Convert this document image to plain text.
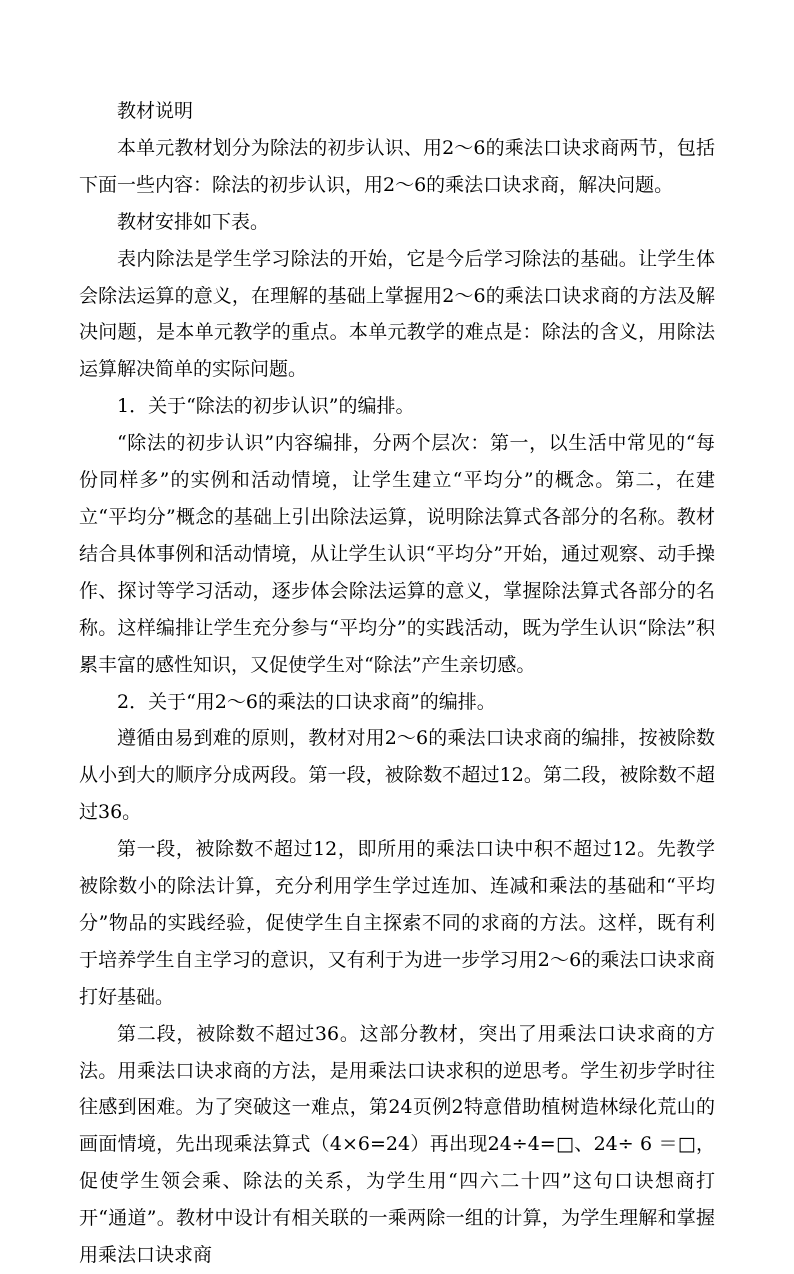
教材说明

本单元教材划分为除法的初步认识、用2～6的乘法口诀求商两节，包括下面一些内容：除法的初步认识，用2～6的乘法口诀求商，解决问题。

教材安排如下表。

表内除法是学生学习除法的开始，它是今后学习除法的基础。让学生体会除法运算的意义，在理解的基础上掌握用2～6的乘法口诀求商的方法及解决问题，是本单元教学的重点。本单元教学的难点是：除法的含义，用除法运算解决简单的实际问题。

1．关于“除法的初步认识”的编排。

“除法的初步认识”内容编排，分两个层次：第一，以生活中常见的“每份同样多”的实例和活动情境，让学生建立“平均分”的概念。第二，在建立“平均分”概念的基础上引出除法运算，说明除法算式各部分的名称。教材结合具体事例和活动情境，从让学生认识“平均分”开始，通过观察、动手操作、探讨等学习活动，逐步体会除法运算的意义，掌握除法算式各部分的名称。这样编排让学生充分参与“平均分”的实践活动，既为学生认识“除法”积累丰富的感性知识，又促使学生对“除法”产生亲切感。

2．关于“用2～6的乘法的口诀求商”的编排。

遵循由易到难的原则，教材对用2～6的乘法口诀求商的编排，按被除数从小到大的顺序分成两段。第一段，被除数不超过12。第二段，被除数不超过36。

第一段，被除数不超过12，即所用的乘法口诀中积不超过12。先教学被除数小的除法计算，充分利用学生学过连加、连减和乘法的基础和“平均分”物品的实践经验，促使学生自主探索不同的求商的方法。这样，既有利于培养学生自主学习的意识，又有利于为进一步学习用2～6的乘法口诀求商打好基础。

第二段，被除数不超过36。这部分教材，突出了用乘法口诀求商的方法。用乘法口诀求商的方法，是用乘法口诀求积的逆思考。学生初步学时往往感到困难。为了突破这一难点，第24页例2特意借助植树造林绿化荒山的画面情境，先出现乘法算式（4×6=24）再出现24÷4=□、24÷ 6 ＝□，促使学生领会乘、除法的关系，为学生用“四六二十四”这句口诀想商打开“通道”。教材中设计有相关联的一乘两除一组的计算，为学生理解和掌握用乘法口诀求商
